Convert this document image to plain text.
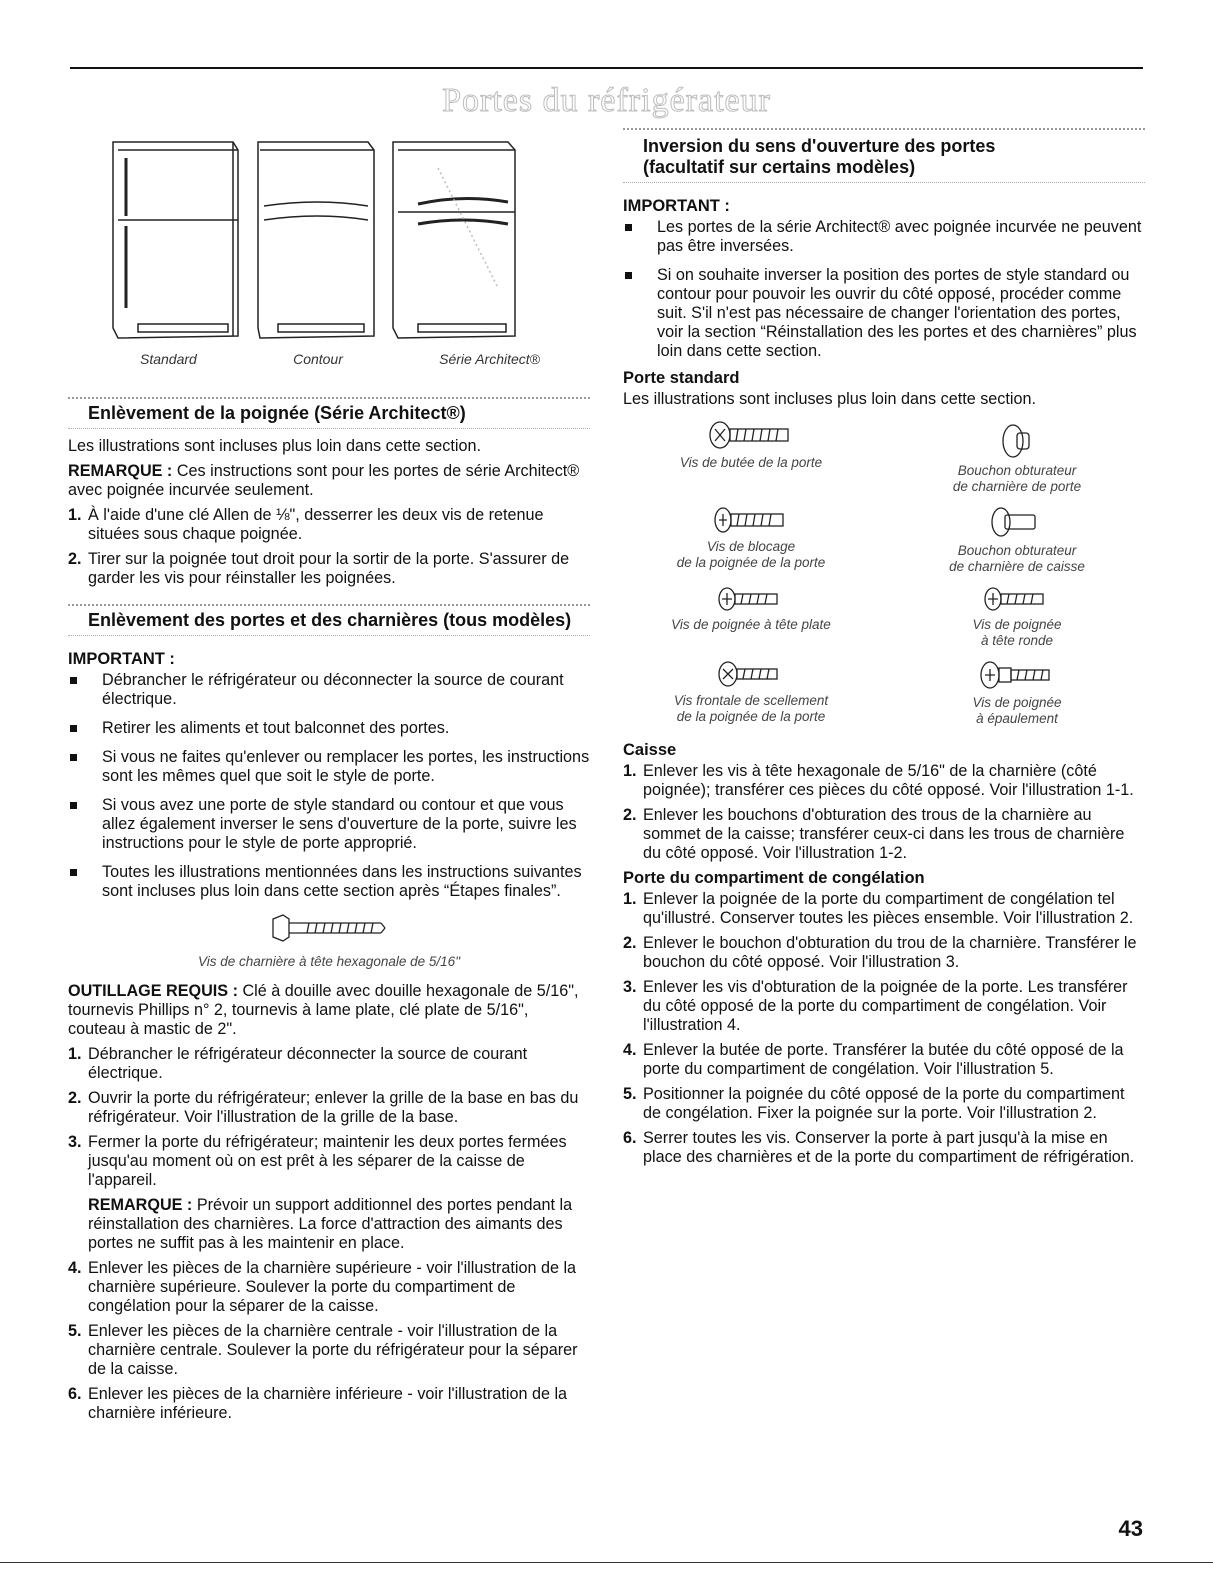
Portes du réfrigérateur
Standard	Contour	Série Architect®
Enlèvement de la poignée (Série Architect®)

Les illustrations sont incluses plus loin dans cette section.

REMARQUE : Ces instructions sont pour les portes de série Architect® avec poignée incurvée seulement.

1. À l'aide d'une clé Allen de ⅛", desserrer les deux vis de retenue situées sous chaque poignée.
2. Tirer sur la poignée tout droit pour la sortir de la porte. S'assurer de garder les vis pour réinstaller les poignées.
Enlèvement des portes et des charnières (tous modèles)
IMPORTANT :
Débrancher le réfrigérateur ou déconnecter la source de courant électrique.
Retirer les aliments et tout balconnet des portes.
Si vous ne faites qu'enlever ou remplacer les portes, les instructions sont les mêmes quel que soit le style de porte.
Si vous avez une porte de style standard ou contour et que vous allez également inverser le sens d'ouverture de la porte, suivre les instructions pour le style de porte approprié.
Toutes les illustrations mentionnées dans les instructions suivantes sont incluses plus loin dans cette section après “Étapes finales”.
Vis de charnière à tête hexagonale de 5/16"

OUTILLAGE REQUIS : Clé à douille avec douille hexagonale de 5/16", tournevis Phillips n° 2, tournevis à lame plate, clé plate de 5/16", couteau à mastic de 2".

1. Débrancher le réfrigérateur déconnecter la source de courant électrique.
2. Ouvrir la porte du réfrigérateur; enlever la grille de la base en bas du réfrigérateur. Voir l'illustration de la grille de la base.
3. Fermer la porte du réfrigérateur; maintenir les deux portes fermées jusqu'au moment où on est prêt à les séparer de la caisse de l'appareil.
REMARQUE : Prévoir un support additionnel des portes pendant la réinstallation des charnières. La force d'attraction des aimants des portes ne suffit pas à les maintenir en place.
4. Enlever les pièces de la charnière supérieure - voir l'illustration de la charnière supérieure. Soulever la porte du compartiment de congélation pour la séparer de la caisse.
5. Enlever les pièces de la charnière centrale - voir l'illustration de la charnière centrale. Soulever la porte du réfrigérateur pour la séparer de la caisse.
6. Enlever les pièces de la charnière inférieure - voir l'illustration de la charnière inférieure.
Inversion du sens d'ouverture des portes
(facultatif sur certains modèles)
IMPORTANT :
Les portes de la série Architect® avec poignée incurvée ne peuvent pas être inversées.
Si on souhaite inverser la position des portes de style standard ou contour pour pouvoir les ouvrir du côté opposé, procéder comme suit. S'il n'est pas nécessaire de changer l'orientation des portes, voir la section “Réinstallation des les portes et des charnières” plus loin dans cette section.
Porte standard

Les illustrations sont incluses plus loin dans cette section.

Vis de butée de la porte
Bouchon obturateur
de charnière de porte
Vis de blocage
de la poignée de la porte
Bouchon obturateur
de charnière de caisse
Vis de poignée à tête plate	Vis de poignée
à tête ronde
Vis frontale de scellement
de la poignée de la porte
Vis de poignée
à épaulement
Caisse
1. Enlever les vis à tête hexagonale de 5/16" de la charnière (côté poignée); transférer ces pièces du côté opposé. Voir l'illustration 1-1.
2. Enlever les bouchons d'obturation des trous de la charnière au sommet de la caisse; transférer ceux-ci dans les trous de charnière du côté opposé. Voir l'illustration 1-2.
Porte du compartiment de congélation
1. Enlever la poignée de la porte du compartiment de congélation tel qu'illustré. Conserver toutes les pièces ensemble. Voir l'illustration 2.
2. Enlever le bouchon d'obturation du trou de la charnière. Transférer le bouchon du côté opposé. Voir l'illustration 3.
3. Enlever les vis d'obturation de la poignée de la porte. Les transférer du côté opposé de la porte du compartiment de congélation. Voir l'illustration 4.
4. Enlever la butée de porte. Transférer la butée du côté opposé de la porte du compartiment de congélation. Voir l'illustration 5.
5. Positionner la poignée du côté opposé de la porte du compartiment de congélation. Fixer la poignée sur la porte. Voir l'illustration 2.
6. Serrer toutes les vis. Conserver la porte à part jusqu'à la mise en place des charnières et de la porte du compartiment de réfrigération.
43
